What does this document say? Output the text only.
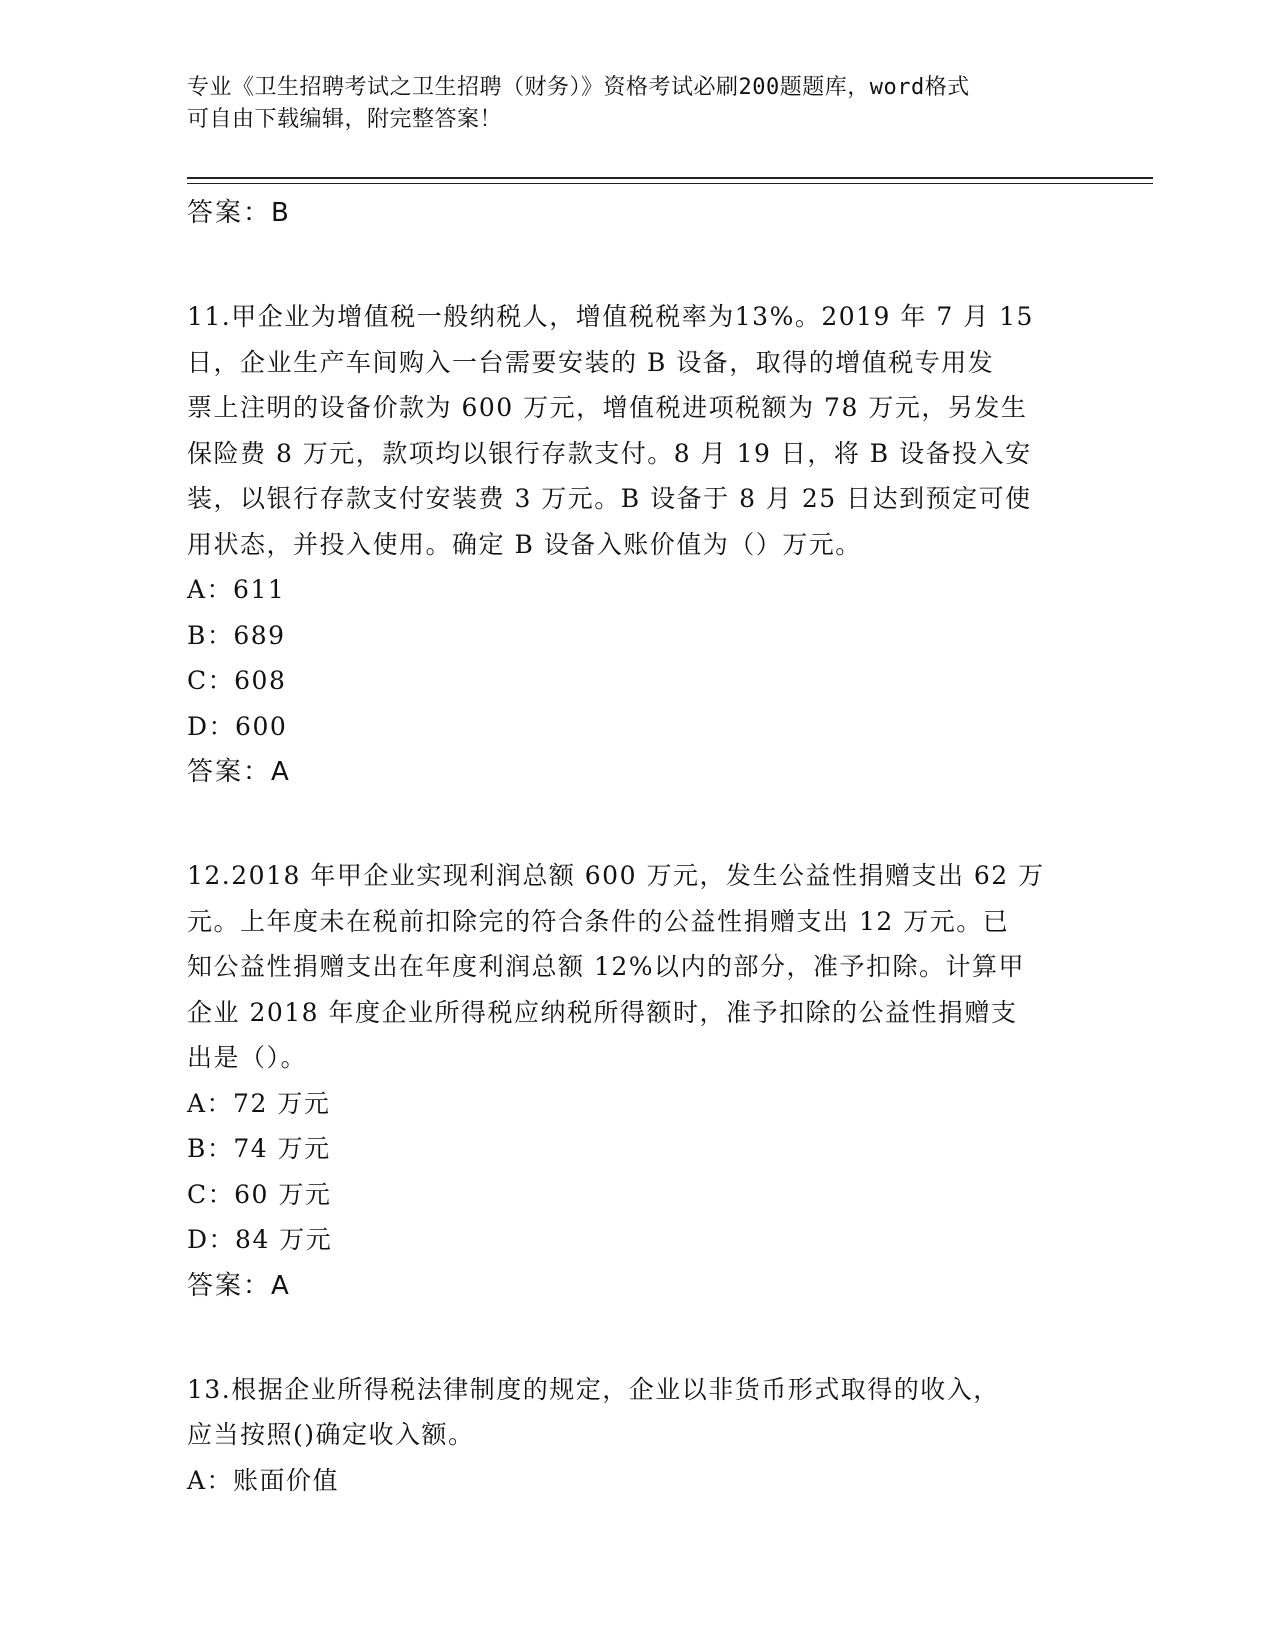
专业《卫生招聘考试之卫生招聘（财务）》资格考试必刷200题题库，word格式
可自由下载编辑，附完整答案！
答案：B
11.甲企业为增值税一般纳税人，增值税税率为13%。2019 年 7 月 15
日，企业生产车间购入一台需要安装的 B 设备，取得的增值税专用发
票上注明的设备价款为 600 万元，增值税进项税额为 78 万元，另发生
保险费 8 万元，款项均以银行存款支付。8 月 19 日，将 B 设备投入安
装，以银行存款支付安装费 3 万元。B 设备于 8 月 25 日达到预定可使
用状态，并投入使用。确定 B 设备入账价值为（）万元。
A：611
B：689
C：608
D：600
答案：A
12.2018 年甲企业实现利润总额 600 万元，发生公益性捐赠支出 62 万
元。上年度未在税前扣除完的符合条件的公益性捐赠支出 12 万元。已
知公益性捐赠支出在年度利润总额 12%以内的部分，准予扣除。计算甲
企业 2018 年度企业所得税应纳税所得额时，准予扣除的公益性捐赠支
出是（）。
A：72 万元
B：74 万元
C：60 万元
D：84 万元
答案：A
13.根据企业所得税法律制度的规定，企业以非货币形式取得的收入，
应当按照()确定收入额。
A：账面价值
